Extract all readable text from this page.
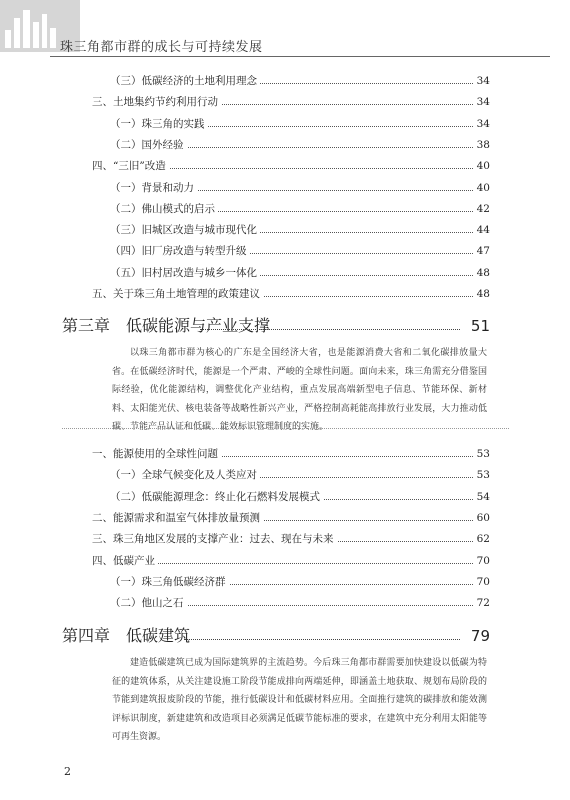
珠三角都市群的成长与可持续发展
（三）低碳经济的土地利用理念	34
三、土地集约节约利用行动	34
（一）珠三角的实践	34
（二）国外经验	38
四、“三旧”改造	40
（一）背景和动力	40
（二）佛山模式的启示	42
（三）旧城区改造与城市现代化	44
（四）旧厂房改造与转型升级	47
（五）旧村居改造与城乡一体化	48
五、关于珠三角土地管理的政策建议	48
第三章　低碳能源与产业支撑	51
以珠三角都市群为核心的广东是全国经济大省，也是能源消费大省和二氧化碳排放量大省。在低碳经济时代，能源是一个严肃、严峻的全球性问题。面向未来，珠三角需充分借鉴国际经验，优化能源结构，调整优化产业结构，重点发展高端新型电子信息、节能环保、新材料、太阳能光伏、核电装备等战略性新兴产业，严格控制高耗能高排放行业发展，大力推动低碳、节能产品认证和低碳、能效标识管理制度的实施。
一、能源使用的全球性问题	53
（一）全球气候变化及人类应对	53
（二）低碳能源理念：终止化石燃料发展模式	54
二、能源需求和温室气体排放量预测	60
三、珠三角地区发展的支撑产业：过去、现在与未来	62
四、低碳产业	70
（一）珠三角低碳经济群	70
（二）他山之石	72
第四章　低碳建筑	79
建造低碳建筑已成为国际建筑界的主流趋势。今后珠三角都市群需要加快建设以低碳为特征的建筑体系，从关注建设施工阶段节能成排向两端延伸，即涵盖土地获取、规划布局阶段的节能到建筑报废阶段的节能，推行低碳设计和低碳材料应用。全面推行建筑的碳排放和能效测评标识制度，新建建筑和改造项目必须满足低碳节能标准的要求，在建筑中充分利用太阳能等可再生资源。
2
